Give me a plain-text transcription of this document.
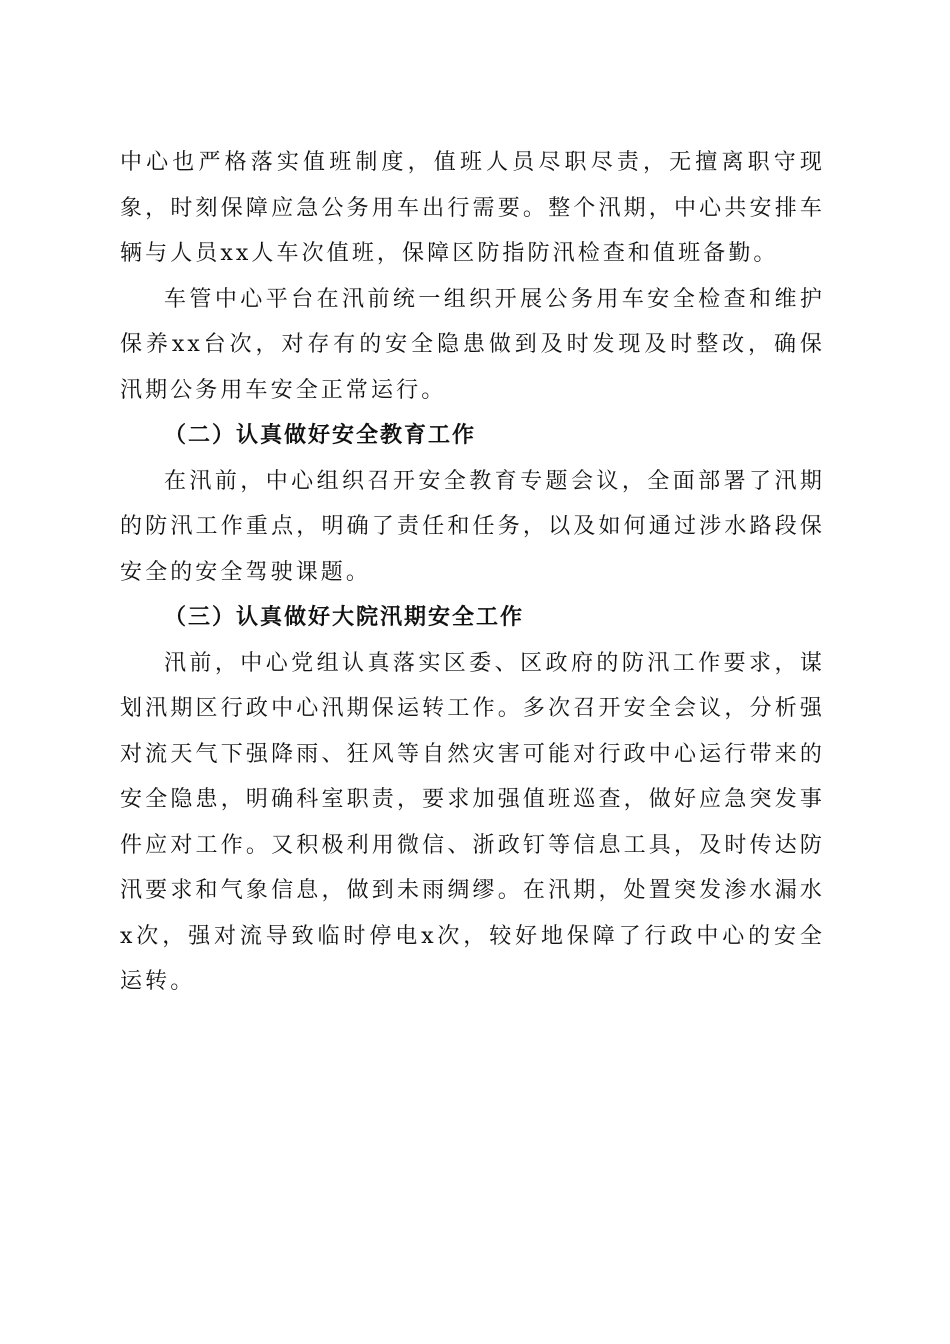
中心也严格落实值班制度，值班人员尽职尽责，无擅离职守现象，时刻保障应急公务用车出行需要。整个汛期，中心共安排车辆与人员xx人车次值班，保障区防指防汛检查和值班备勤。

车管中心平台在汛前统一组织开展公务用车安全检查和维护保养xx台次，对存有的安全隐患做到及时发现及时整改，确保汛期公务用车安全正常运行。

（二）认真做好安全教育工作

在汛前，中心组织召开安全教育专题会议，全面部署了汛期的防汛工作重点，明确了责任和任务，以及如何通过涉水路段保安全的安全驾驶课题。

（三）认真做好大院汛期安全工作

汛前，中心党组认真落实区委、区政府的防汛工作要求，谋划汛期区行政中心汛期保运转工作。多次召开安全会议，分析强对流天气下强降雨、狂风等自然灾害可能对行政中心运行带来的安全隐患，明确科室职责，要求加强值班巡查，做好应急突发事件应对工作。又积极利用微信、浙政钉等信息工具，及时传达防汛要求和气象信息，做到未雨绸缪。在汛期，处置突发渗水漏水x次，强对流导致临时停电x次，较好地保障了行政中心的安全运转。
